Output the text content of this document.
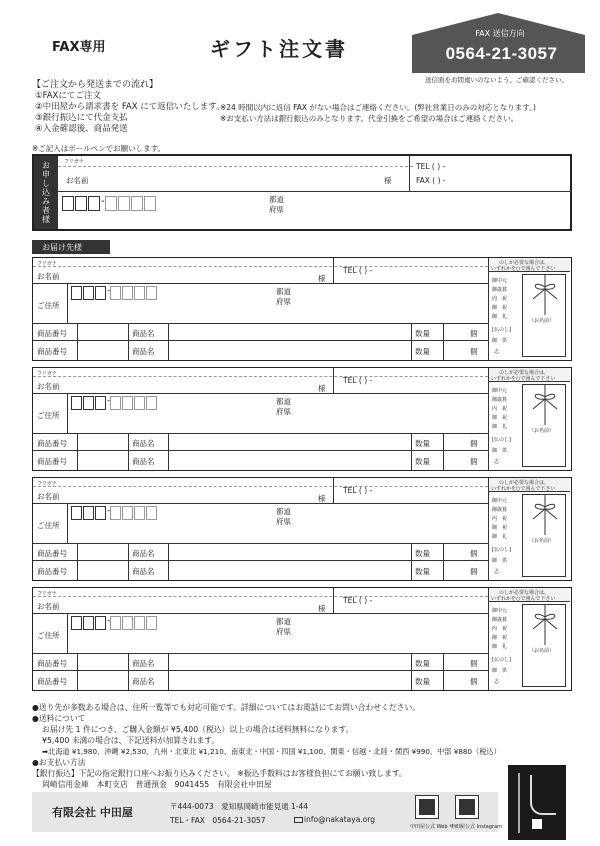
FAX専用	ギフト注文書
FAX 送信方向
0564-21-3057
送信面をお間違いのないよう、ご確認ください。
【ご注文から発送までの流れ】
①FAXにてご注文
②中田屋から請求書を FAX にて返信いたします。
③銀行振込にて代金支払
④入金確認後、商品発送
※24 時間以内に返信 FAX がない場合はご連絡ください。(弊社営業日のみの対応となります。)
※お支払い方法は銀行振込のみとなります。代金引換をご希望の場合はご連絡ください。
※ご記入はボールペンでお願いします。
お申し込み者様	フリガナ
お名前	様
TEL ( ) -
FAX ( ) -
-	都道
府県
お届け先様
フリガナ
お名前	様
TEL ( ) -
ご住所
-	都道
府県
商品番号	商品名	数量	個
商品番号	商品名	数量	個
のしが必要な場合は、
いずれかを○で囲んで下さい
御中元
御歳暮
内　祝
御　祝
御　礼
[仏のし]
御　供
志
（お名前）
フリガナ
お名前	様
TEL ( ) -
ご住所
-	都道
府県
商品番号	商品名	数量	個
商品番号	商品名	数量	個
のしが必要な場合は、
いずれかを○で囲んで下さい
御中元
御歳暮
内　祝
御　祝
御　礼
[仏のし]
御　供
志
（お名前）
フリガナ
お名前	様
TEL ( ) -
ご住所
-	都道
府県
商品番号	商品名	数量	個
商品番号	商品名	数量	個
のしが必要な場合は、
いずれかを○で囲んで下さい
御中元
御歳暮
内　祝
御　祝
御　礼
[仏のし]
御　供
志
（お名前）
フリガナ
お名前	様
TEL ( ) -
ご住所
-	都道
府県
商品番号	商品名	数量	個
商品番号	商品名	数量	個
のしが必要な場合は、
いずれかを○で囲んで下さい
御中元
御歳暮
内　祝
御　祝
御　礼
[仏のし]
御　供
志
（お名前）
●送り先が多数ある場合は、住所一覧等でも対応可能です。詳細についてはお電話にてお問い合わせください。
●送料について
お届け先 1 件につき、ご購入金額が ¥5,400（税込）以上の場合は送料無料になります。
¥5,400 未満の場合は、下記送料が加算されます。
➡北海道 ¥1,980、沖縄 ¥2,530、九州・北東北 ¥1,210、南東北・中国・四国 ¥1,100、関東・信越・北陸・関西 ¥990、中部 ¥880（税込）
●お支払い方法
【銀行振込】下記の指定銀行口座へお振り込みください。 ※振込手数料はお客様負担にてお願い致します。
岡崎信用金庫　本町支店　普通預金　9041455　有限会社中田屋
有限会社 中田屋	〒444-0073　愛知県岡崎市能見通 1-44
TEL・FAX　0564-21-3057	info@nakataya.org
中田屋公式 Web サイト
中田屋公式 Instagram
